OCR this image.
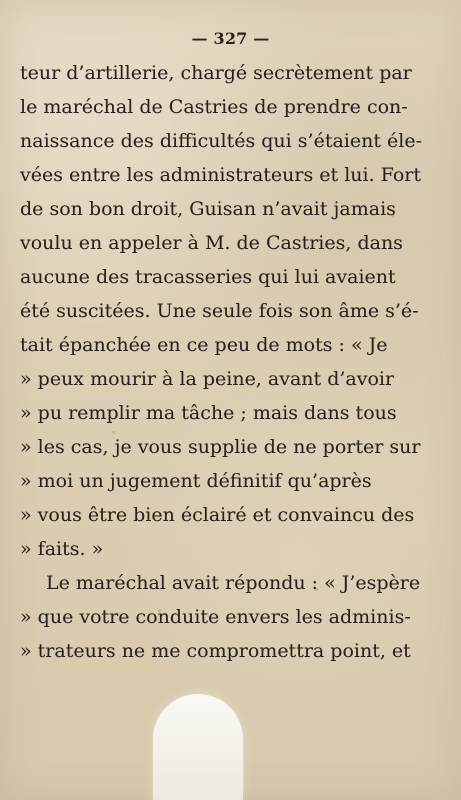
— 327 —
teur d’artillerie, chargé secrètement par
le maréchal de Castries de prendre con-
naissance des difficultés qui s’étaient éle-
vées entre les administrateurs et lui. Fort
de son bon droit, Guisan n’avait jamais
voulu en appeler à M. de Castries, dans
aucune des tracasseries qui lui avaient
été suscitées. Une seule fois son âme s’é-
tait épanchée en ce peu de mots : « Je
» peux mourir à la peine, avant d’avoir
» pu remplir ma tâche ; mais dans tous
» les cas, je vous supplie de ne porter sur
» moi un jugement définitif qu’après
» vous être bien éclairé et convaincu des
» faits. »
Le maréchal avait répondu : « J’espère
» que votre conduite envers les adminis-
» trateurs ne me compromettra point, et
